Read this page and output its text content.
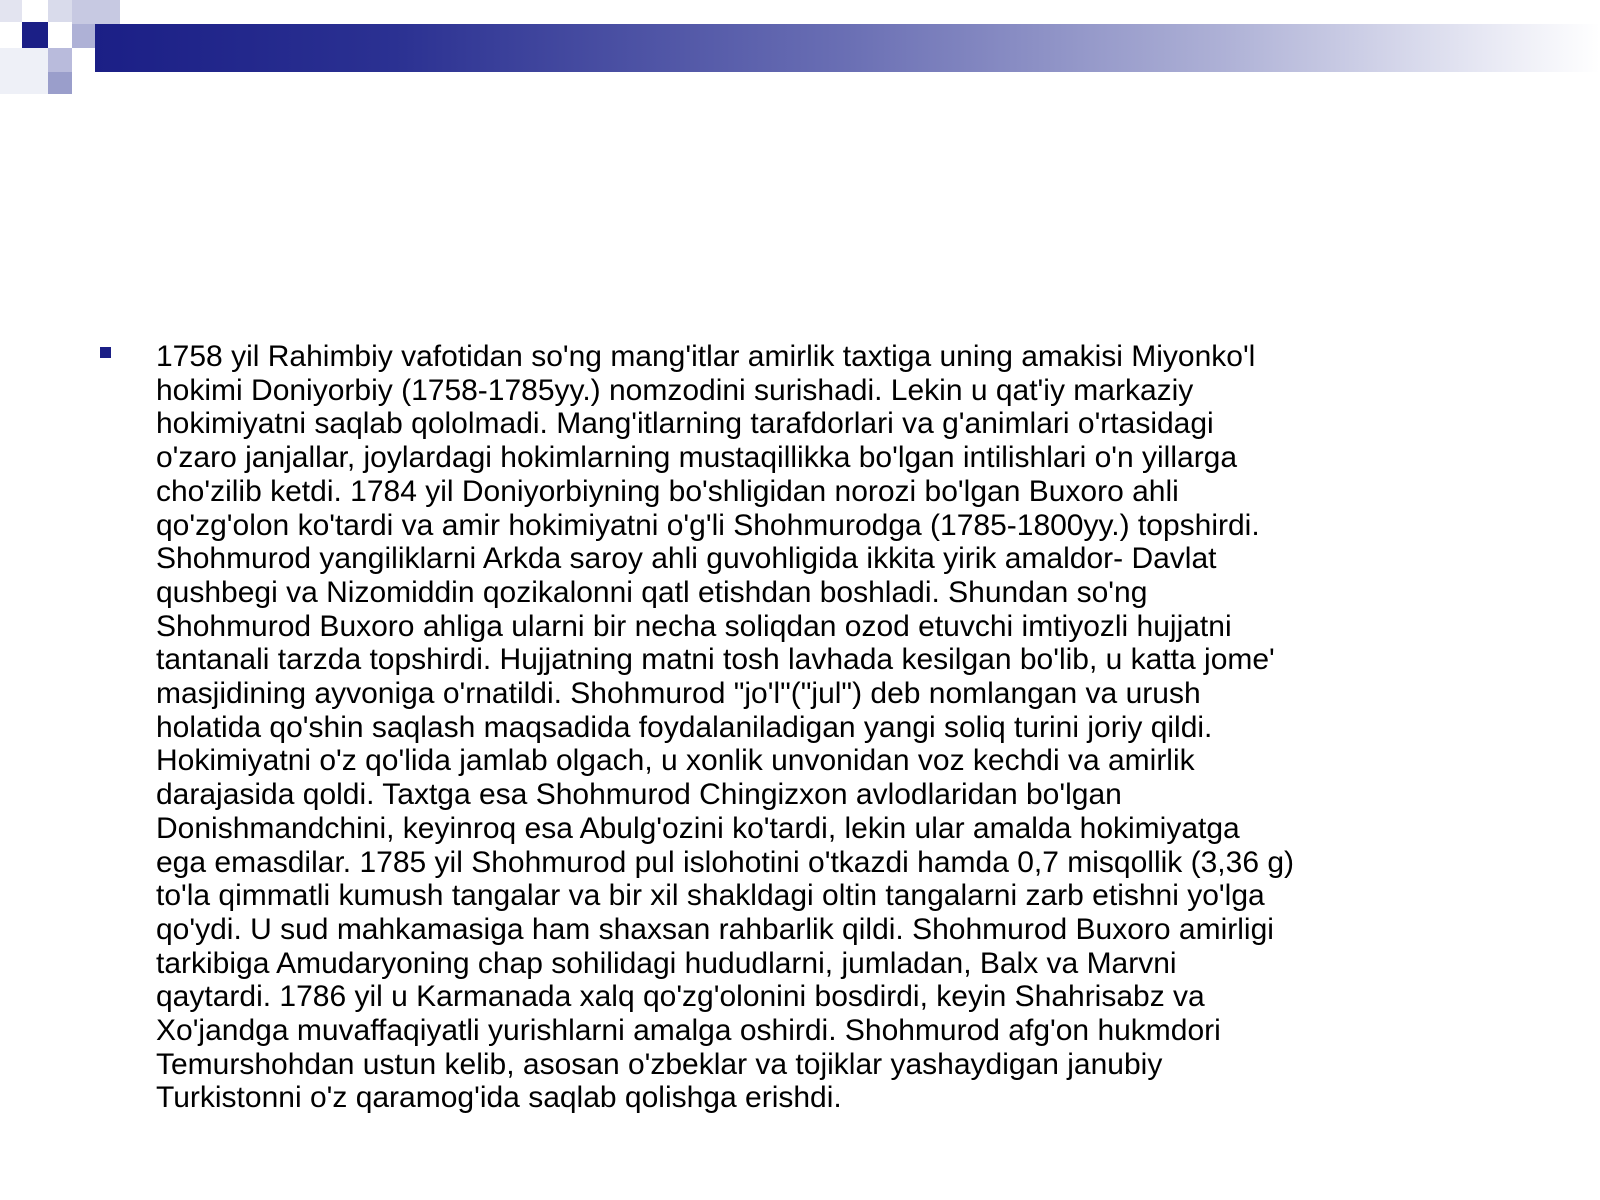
1758 yil Rahimbiy vafotidan so'ng mang'itlar amirlik taxtiga uning amakisi Miyonko'l
hokimi Doniyorbiy (1758-1785yy.) nomzodini surishadi. Lekin u qat'iy markaziy
hokimiyatni saqlab qololmadi. Mang'itlarning tarafdorlari va g'animlari o'rtasidagi
o'zaro janjallar, joylardagi hokimlarning mustaqillikka bo'lgan intilishlari o'n yillarga
cho'zilib ketdi. 1784 yil Doniyorbiyning bo'shligidan norozi bo'lgan Buxoro ahli
qo'zg'olon ko'tardi va amir hokimiyatni o'g'li Shohmurodga (1785-1800yy.) topshirdi.
Shohmurod yangiliklarni Arkda saroy ahli guvohligida ikkita yirik amaldor- Davlat
qushbegi va Nizomiddin qozikalonni qatl etishdan boshladi. Shundan so'ng
Shohmurod Buxoro ahliga ularni bir necha soliqdan ozod etuvchi imtiyozli hujjatni
tantanali tarzda topshirdi. Hujjatning matni tosh lavhada kesilgan bo'lib, u katta jome'
masjidining ayvoniga o'rnatildi. Shohmurod "jo'l"("jul") deb nomlangan va urush
holatida qo'shin saqlash maqsadida foydalaniladigan yangi soliq turini joriy qildi.
Hokimiyatni o'z qo'lida jamlab olgach, u xonlik unvonidan voz kechdi va amirlik
darajasida qoldi. Taxtga esa Shohmurod Chingizxon avlodlaridan bo'lgan
Donishmandchini, keyinroq esa Abulg'ozini ko'tardi, lekin ular amalda hokimiyatga
ega emasdilar. 1785 yil Shohmurod pul islohotini o'tkazdi hamda 0,7 misqollik (3,36 g)
to'la qimmatli kumush tangalar va bir xil shakldagi oltin tangalarni zarb etishni yo'lga
qo'ydi. U sud mahkamasiga ham shaxsan rahbarlik qildi. Shohmurod Buxoro amirligi
tarkibiga Amudaryoning chap sohilidagi hududlarni, jumladan, Balx va Marvni
qaytardi. 1786 yil u Karmanada xalq qo'zg'olonini bosdirdi, keyin Shahrisabz va
Xo'jandga muvaffaqiyatli yurishlarni amalga oshirdi. Shohmurod afg'on hukmdori
Temurshohdan ustun kelib, asosan o'zbeklar va tojiklar yashaydigan janubiy
Turkistonni o'z qaramog'ida saqlab qolishga erishdi.
